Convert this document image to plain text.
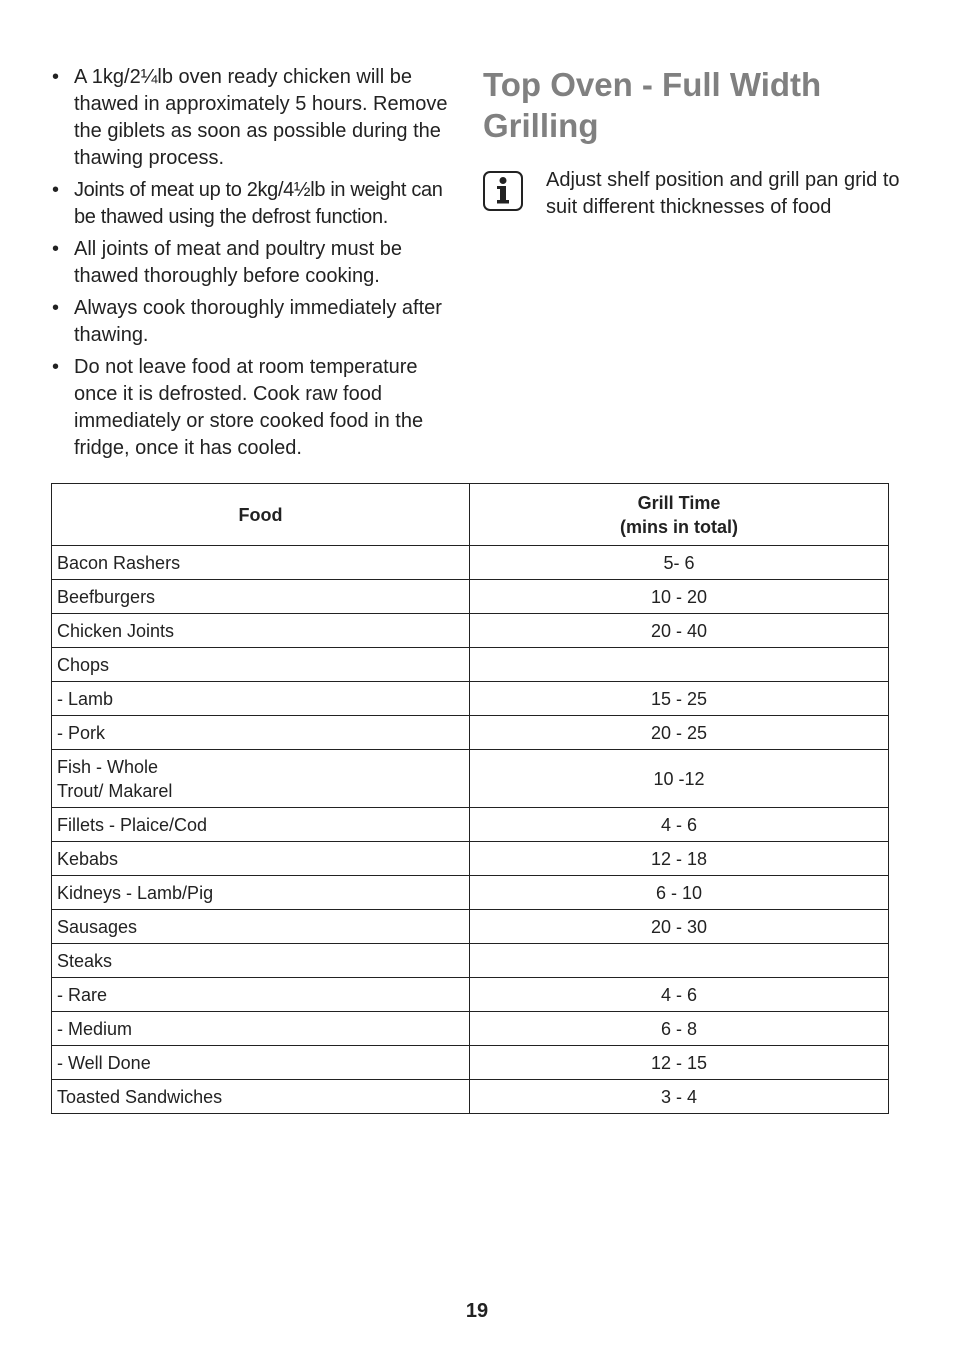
• A 1kg/2¼lb oven ready chicken will be thawed in approximately 5 hours. Remove the giblets as soon as possible during the thawing process.
• Joints of meat up to 2kg/4½lb in weight can be thawed using the defrost function.
• All joints of meat and poultry must be thawed thoroughly before cooking.
• Always cook thoroughly immediately after thawing.
• Do not leave food at room temperature once it is defrosted. Cook raw food immediately or store cooked food in the fridge, once it has cooled.
Top Oven - Full Width Grilling
Adjust shelf position and grill pan grid to suit different thicknesses of food
Food	Grill Time
(mins in total)

Bacon Rashers	5- 6
Beefburgers	10 - 20
Chicken Joints	20 - 40
Chops	
- Lamb	15 - 25
- Pork	20 - 25

Fish - Whole
Trout/ Makarel	10 -12
Fillets - Plaice/Cod	4 - 6
Kebabs	12 - 18
Kidneys - Lamb/Pig	6 - 10
Sausages	20 - 30
Steaks	
- Rare	4 - 6
- Medium	6 - 8
- Well Done	12 - 15
Toasted Sandwiches	3 - 4
19
